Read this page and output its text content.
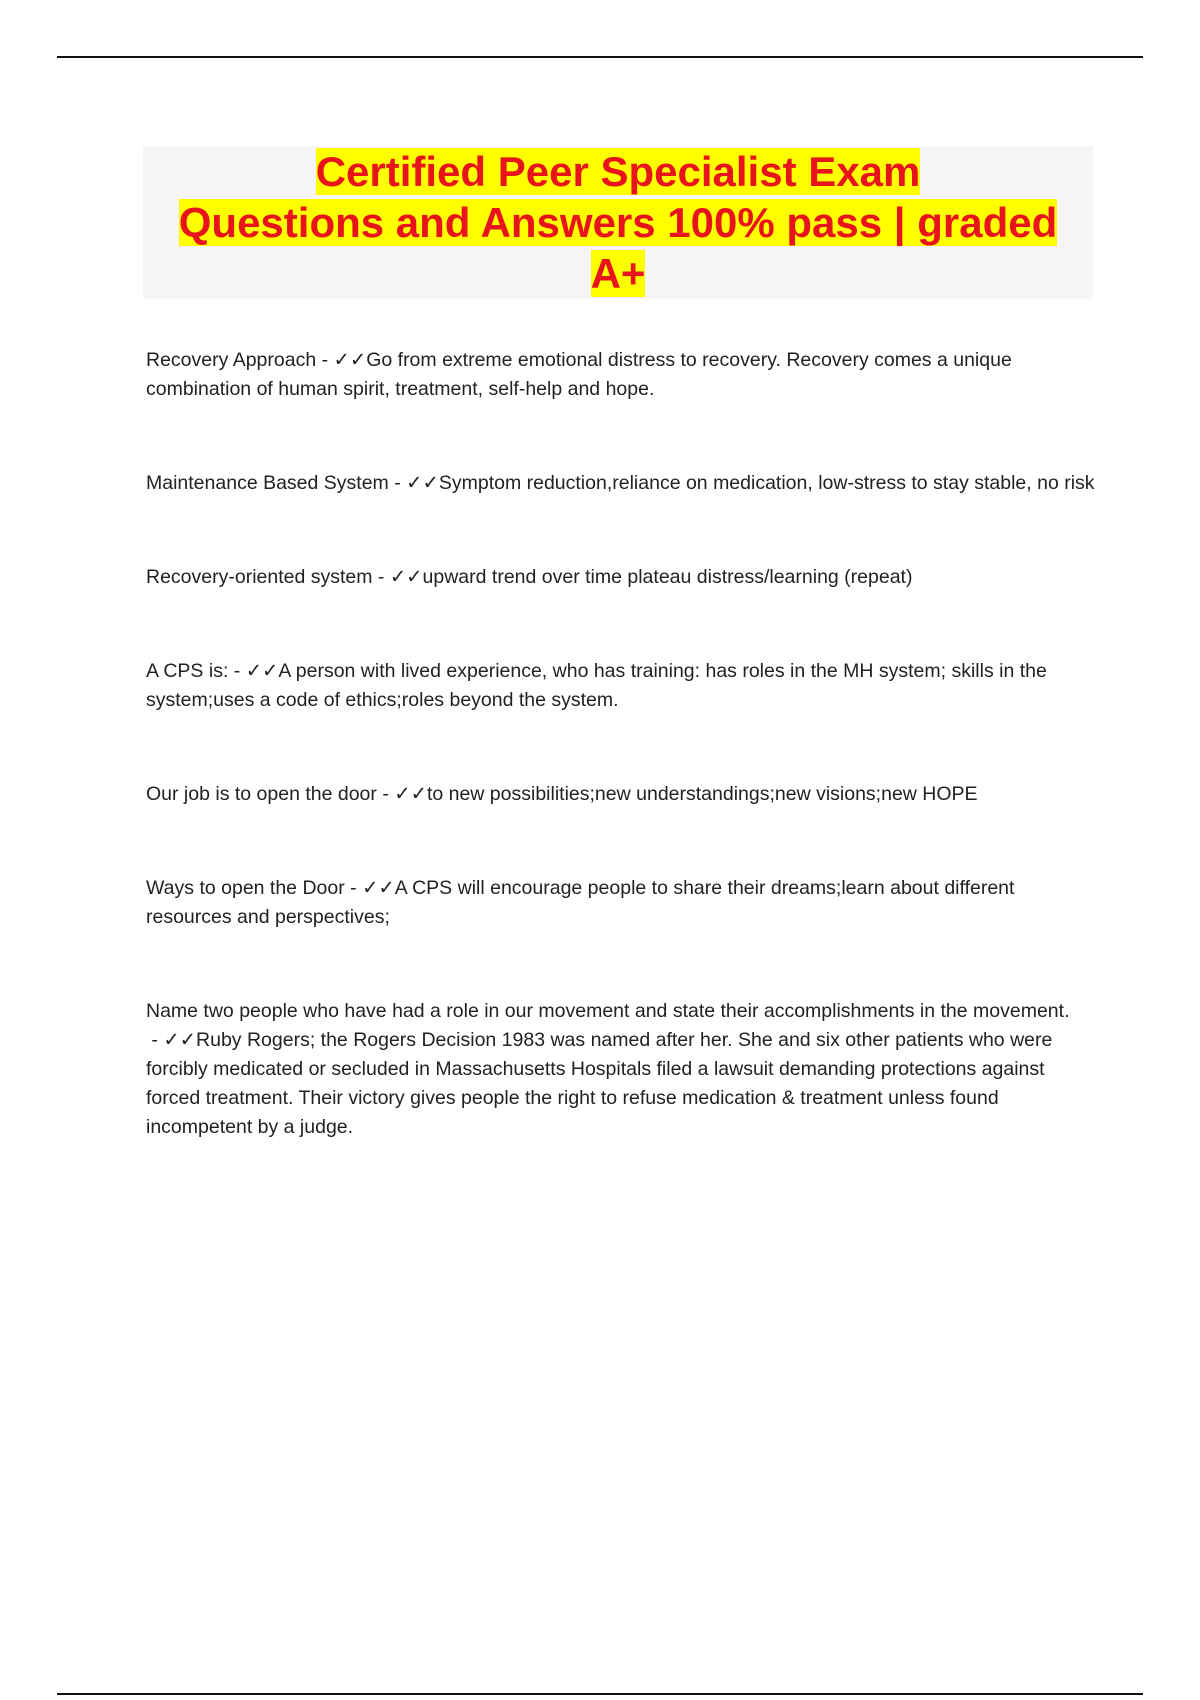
Certified Peer Specialist Exam
Questions and Answers 100% pass | graded
A+

Recovery Approach - ✓✓Go from extreme emotional distress to recovery. Recovery comes a unique combination of human spirit, treatment, self-help and hope.

Maintenance Based System - ✓✓Symptom reduction,reliance on medication, low-stress to stay stable, no risk

Recovery-oriented system - ✓✓upward trend over time plateau distress/learning (repeat)

A CPS is: - ✓✓A person with lived experience, who has training: has roles in the MH system; skills in the system;uses a code of ethics;roles beyond the system.

Our job is to open the door - ✓✓to new possibilities;new understandings;new visions;new HOPE

Ways to open the Door - ✓✓A CPS will encourage people to share their dreams;learn about different resources and perspectives;

Name two people who have had a role in our movement and state their accomplishments in the movement. - ✓✓Ruby Rogers; the Rogers Decision 1983 was named after her. She and six other patients who were forcibly medicated or secluded in Massachusetts Hospitals filed a lawsuit demanding protections against forced treatment. Their victory gives people the right to refuse medication & treatment unless found incompetent by a judge.
